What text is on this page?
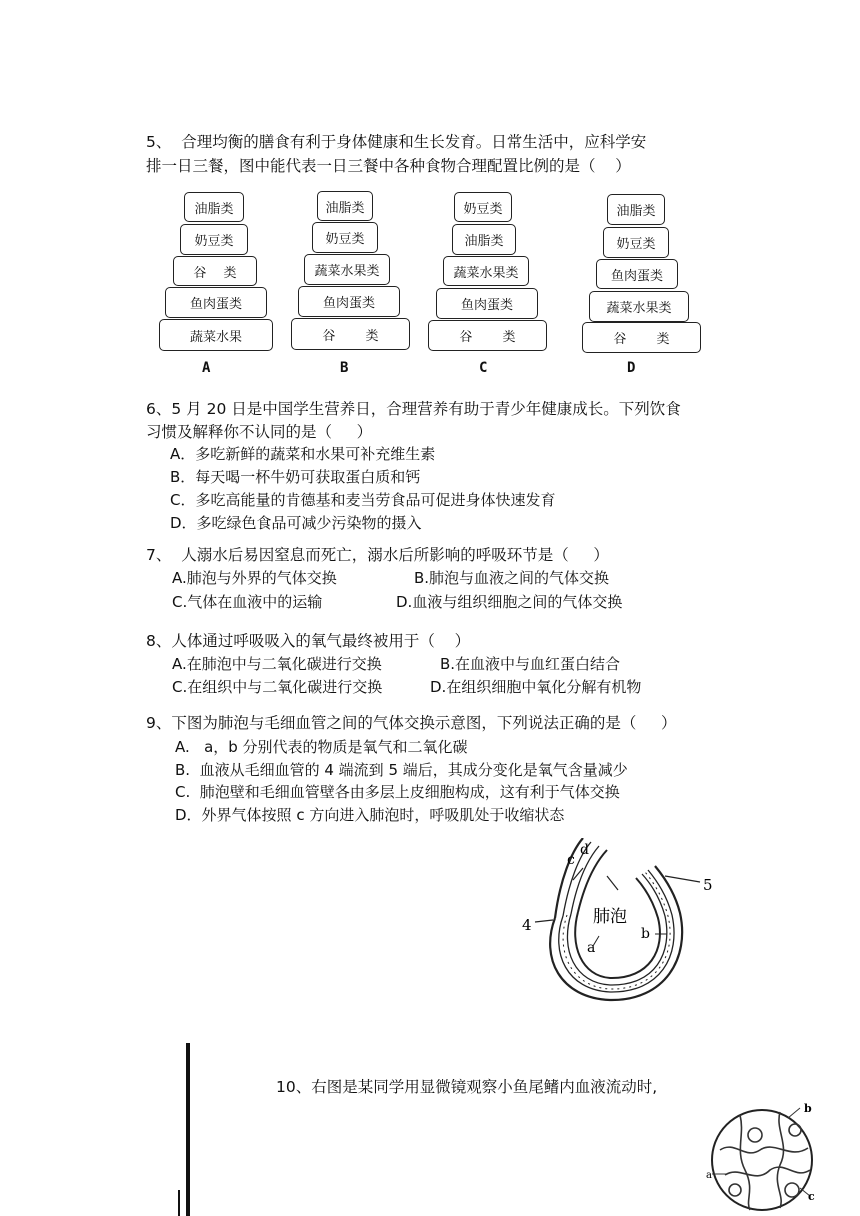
5、  合理均衡的膳食有利于身体健康和生长发育。日常生活中，应科学安
排一日三餐，图中能代表一日三餐中各种食物合理配置比例的是（    ）
油脂类
奶豆类
谷　 类
鱼肉蛋类
蔬菜水果
A
油脂类
奶豆类
蔬菜水果类
鱼肉蛋类
谷　　 类
B
奶豆类
油脂类
蔬菜水果类
鱼肉蛋类
谷　　 类
C
油脂类
奶豆类
鱼肉蛋类
蔬菜水果类
谷　　 类
D
6、5 月 20 日是中国学生营养日，合理营养有助于青少年健康成长。下列饮食
习惯及解释你不认同的是（     ）
A．多吃新鲜的蔬菜和水果可补充维生素
B．每天喝一杯牛奶可获取蛋白质和钙
C．多吃高能量的肯德基和麦当劳食品可促进身体快速发育
D．多吃绿色食品可减少污染物的摄入
7、  人溺水后易因窒息而死亡，溺水后所影响的呼吸环节是（     ）
A.肺泡与外界的气体交换	B.肺泡与血液之间的气体交换
C.气体在血液中的运输	D.血液与组织细胞之间的气体交换
8、人体通过呼吸吸入的氧气最终被用于（    ）
A.在肺泡中与二氧化碳进行交换	B.在血液中与血红蛋白结合
C.在组织中与二氧化碳进行交换	D.在组织细胞中氧化分解有机物
9、下图为肺泡与毛细血管之间的气体交换示意图，下列说法正确的是（     ）
A.   a，b 分别代表的物质是氧气和二氧化碳
B.  血液从毛细血管的 4 端流到 5 端后，其成分变化是氧气含量减少
C.  肺泡壁和毛细血管壁各由多层上皮细胞构成，这有利于气体交换
D．外界气体按照 c 方向进入肺泡时，呼吸肌处于收缩状态
肺泡
a
b
c
d
4
5
10、右图是某同学用显微镜观察小鱼尾鳍内血液流动时,
a
b
c
